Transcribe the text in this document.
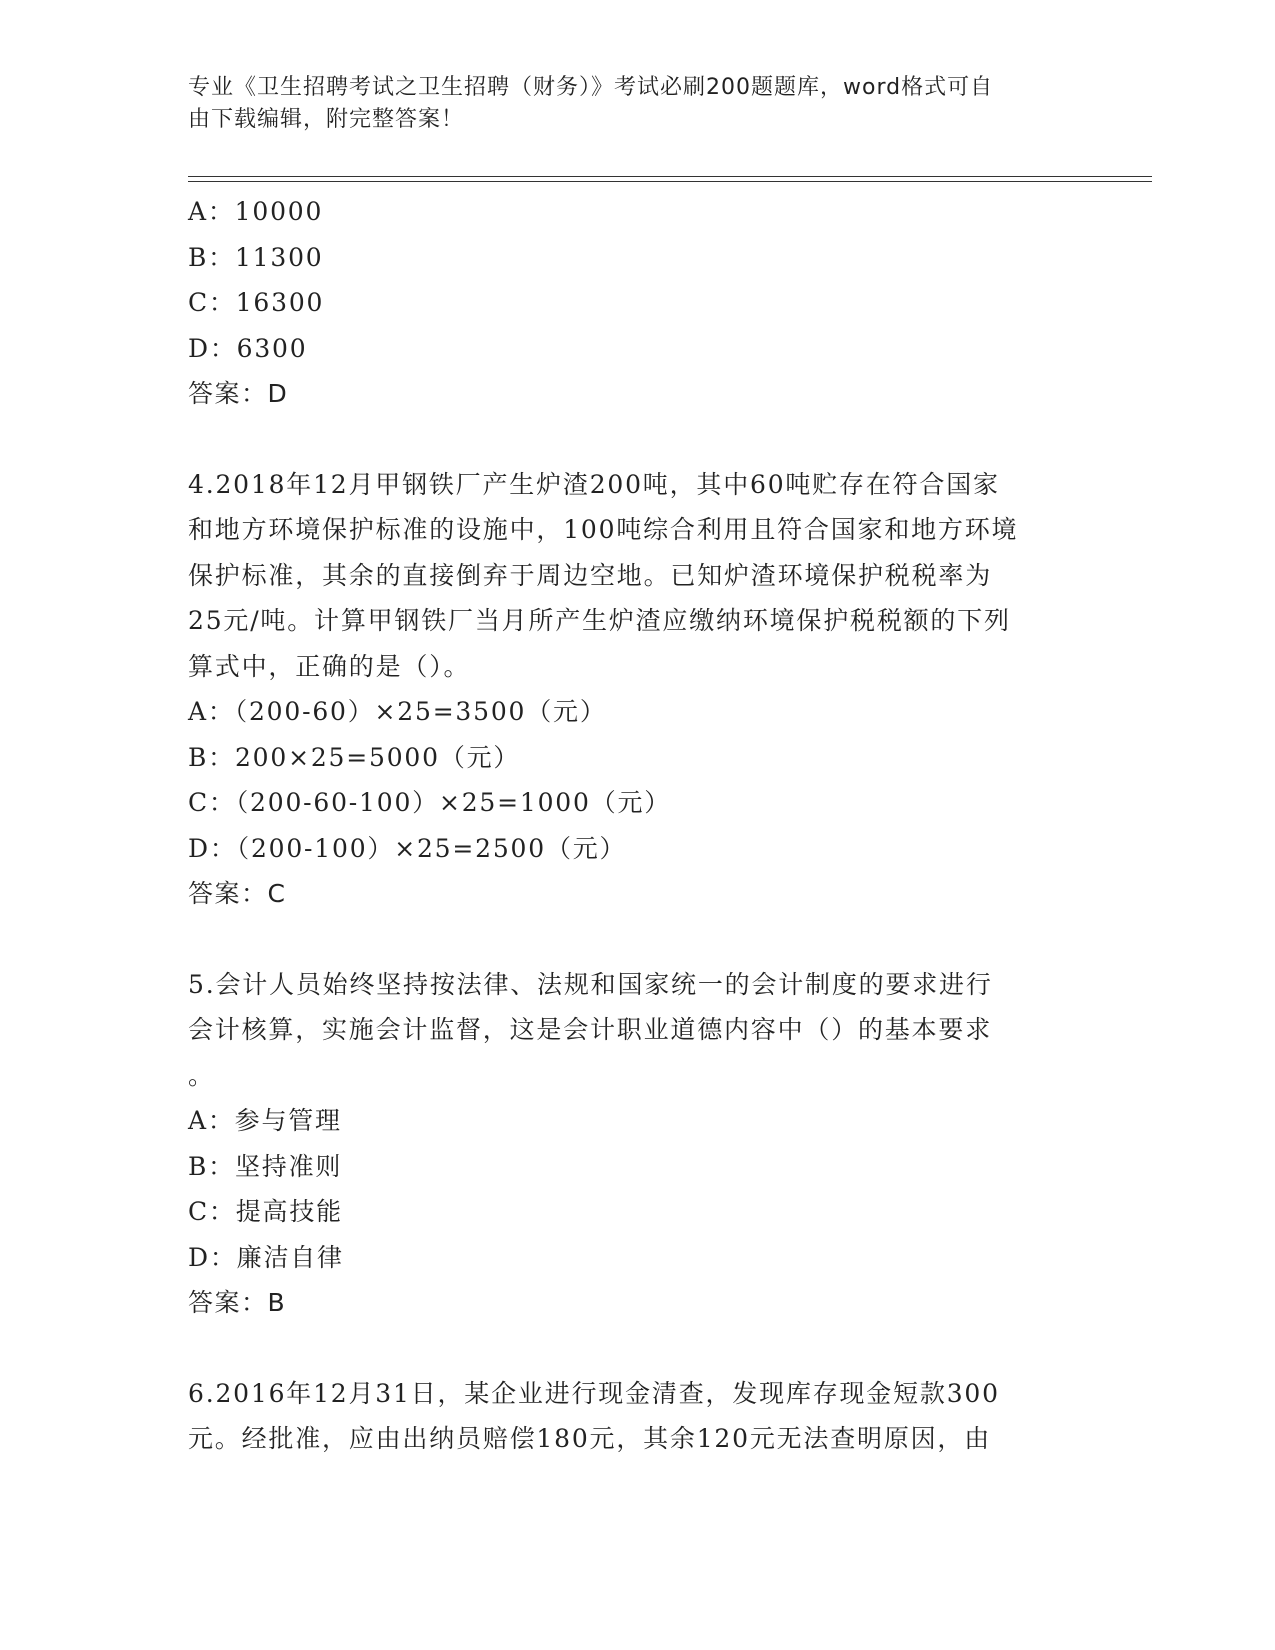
专业《卫生招聘考试之卫生招聘（财务）》考试必刷200题题库，word格式可自
由下载编辑，附完整答案！
A：10000
B：11300
C：16300
D：6300
答案：D
4.2018年12月甲钢铁厂产生炉渣200吨，其中60吨贮存在符合国家
和地方环境保护标准的设施中，100吨综合利用且符合国家和地方环境
保护标准，其余的直接倒弃于周边空地。已知炉渣环境保护税税率为
25元/吨。计算甲钢铁厂当月所产生炉渣应缴纳环境保护税税额的下列
算式中，正确的是（）。
A：（200-60）×25=3500（元）
B：200×25=5000（元）
C：（200-60-100）×25=1000（元）
D：（200-100）×25=2500（元）
答案：C
5.会计人员始终坚持按法律、法规和国家统一的会计制度的要求进行
会计核算，实施会计监督，这是会计职业道德内容中（）的基本要求
。
A：参与管理
B：坚持准则
C：提高技能
D：廉洁自律
答案：B
6.2016年12月31日，某企业进行现金清查，发现库存现金短款300
元。经批准，应由出纳员赔偿180元，其余120元无法查明原因，由
